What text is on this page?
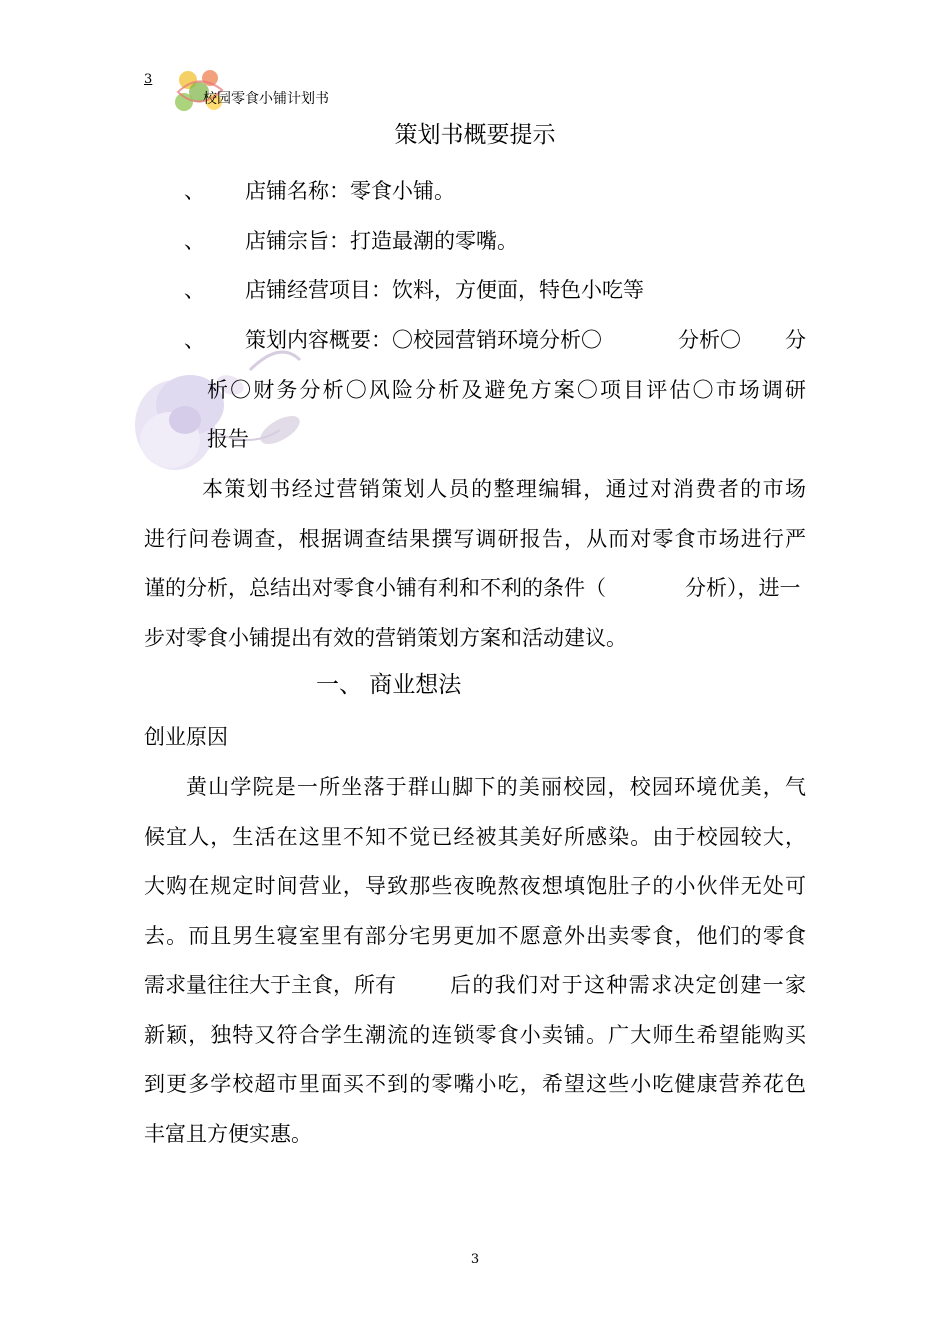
3
校园零食小铺计划书
策划书概要提示
、 店铺名称：零食小铺。
、 店铺宗旨：打造最潮的零嘴。
、 店铺经营项目：饮料，方便面，特色小吃等
、 策划内容概要：〇校园营销环境分析〇	分析〇 分
析〇财务分析〇风险分析及避免方案〇项目评估〇市场调研
报告
本策划书经过营销策划人员的整理编辑，通过对消费者的市场
进行问卷调查，根据调查结果撰写调研报告，从而对零食市场进行严
谨的分析，总结出对零食小铺有利和不利的条件（	分析），进一
步对零食小铺提出有效的营销策划方案和活动建议。
一、 商业想法
创业原因
黄山学院是一所坐落于群山脚下的美丽校园，校园环境优美，气
候宜人，生活在这里不知不觉已经被其美好所感染。由于校园较大，
大购在规定时间营业，导致那些夜晚熬夜想填饱肚子的小伙伴无处可
去。而且男生寝室里有部分宅男更加不愿意外出卖零食，他们的零食
需求量往往大于主食，所有	后的我们对于这种需求决定创建一家
新颖，独特又符合学生潮流的连锁零食小卖铺。广大师生希望能购买
到更多学校超市里面买不到的零嘴小吃，希望这些小吃健康营养花色
丰富且方便实惠。
3
